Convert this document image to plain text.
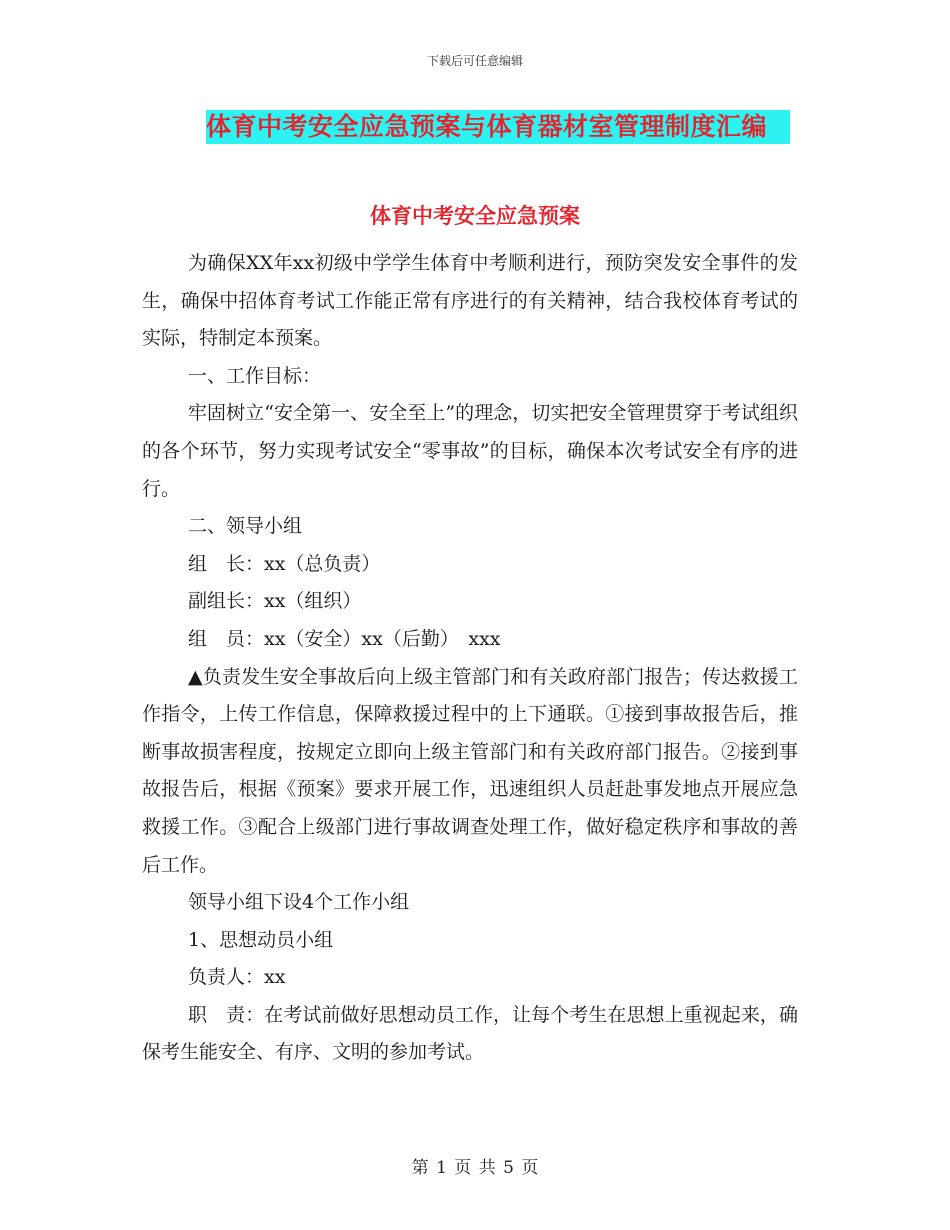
下载后可任意编辑
体育中考安全应急预案与体育器材室管理制度汇编
体育中考安全应急预案

为确保XX年xx初级中学学生体育中考顺利进行，预防突发安全事件的发生，确保中招体育考试工作能正常有序进行的有关精神，结合我校体育考试的实际，特制定本预案。

一、工作目标：

牢固树立“安全第一、安全至上”的理念，切实把安全管理贯穿于考试组织的各个环节，努力实现考试安全“零事故”的目标，确保本次考试安全有序的进行。

二、领导小组

组　长：xx（总负责）

副组长：xx（组织）

组　员：xx（安全）xx（后勤）　xxx

▲负责发生安全事故后向上级主管部门和有关政府部门报告；传达救援工作指令，上传工作信息，保障救援过程中的上下通联。①接到事故报告后，推断事故损害程度，按规定立即向上级主管部门和有关政府部门报告。②接到事故报告后，根据《预案》要求开展工作，迅速组织人员赶赴事发地点开展应急救援工作。③配合上级部门进行事故调查处理工作，做好稳定秩序和事故的善后工作。

领导小组下设4个工作小组

1、思想动员小组

负责人：xx

职　责：在考试前做好思想动员工作，让每个考生在思想上重视起来，确保考生能安全、有序、文明的参加考试。

第 1 页 共 5 页
